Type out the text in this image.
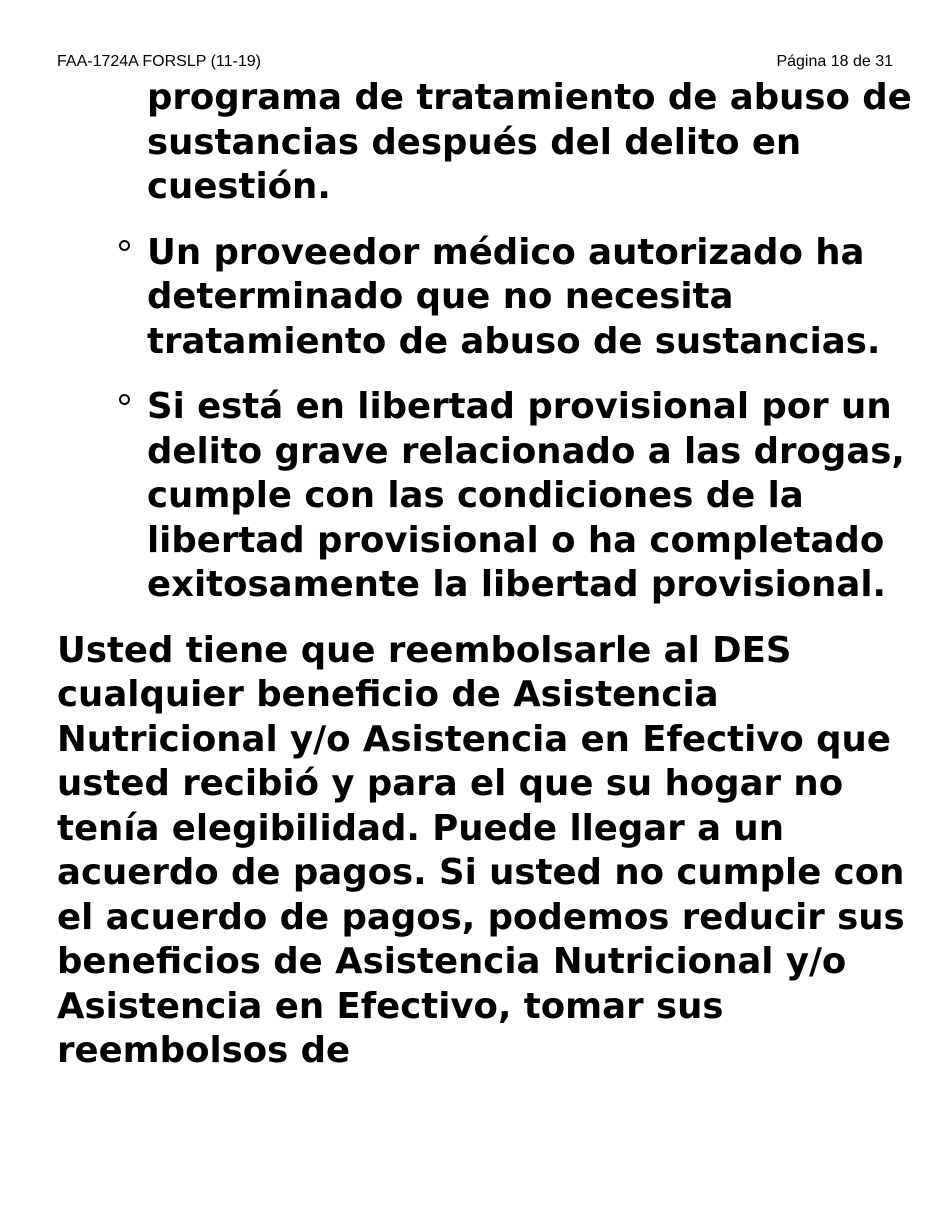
FAA-1724A FORSLP (11-19)	Página 18 de 31
programa de tratamiento de abuso de sustancias después del delito en cuestión.
Un proveedor médico autorizado ha determinado que no necesita tratamiento de abuso de sustancias.
Si está en libertad provisional por un delito grave relacionado a las drogas, cumple con las condiciones de la libertad provisional o ha completado exitosamente la libertad provisional.
Usted tiene que reembolsarle al DES cualquier beneficio de Asistencia Nutricional y/o Asistencia en Efectivo que usted recibió y para el que su hogar no tenía elegibilidad. Puede llegar a un acuerdo de pagos. Si usted no cumple con el acuerdo de pagos, podemos reducir sus beneficios de Asistencia Nutricional y/o Asistencia en Efectivo, tomar sus reembolsos de
